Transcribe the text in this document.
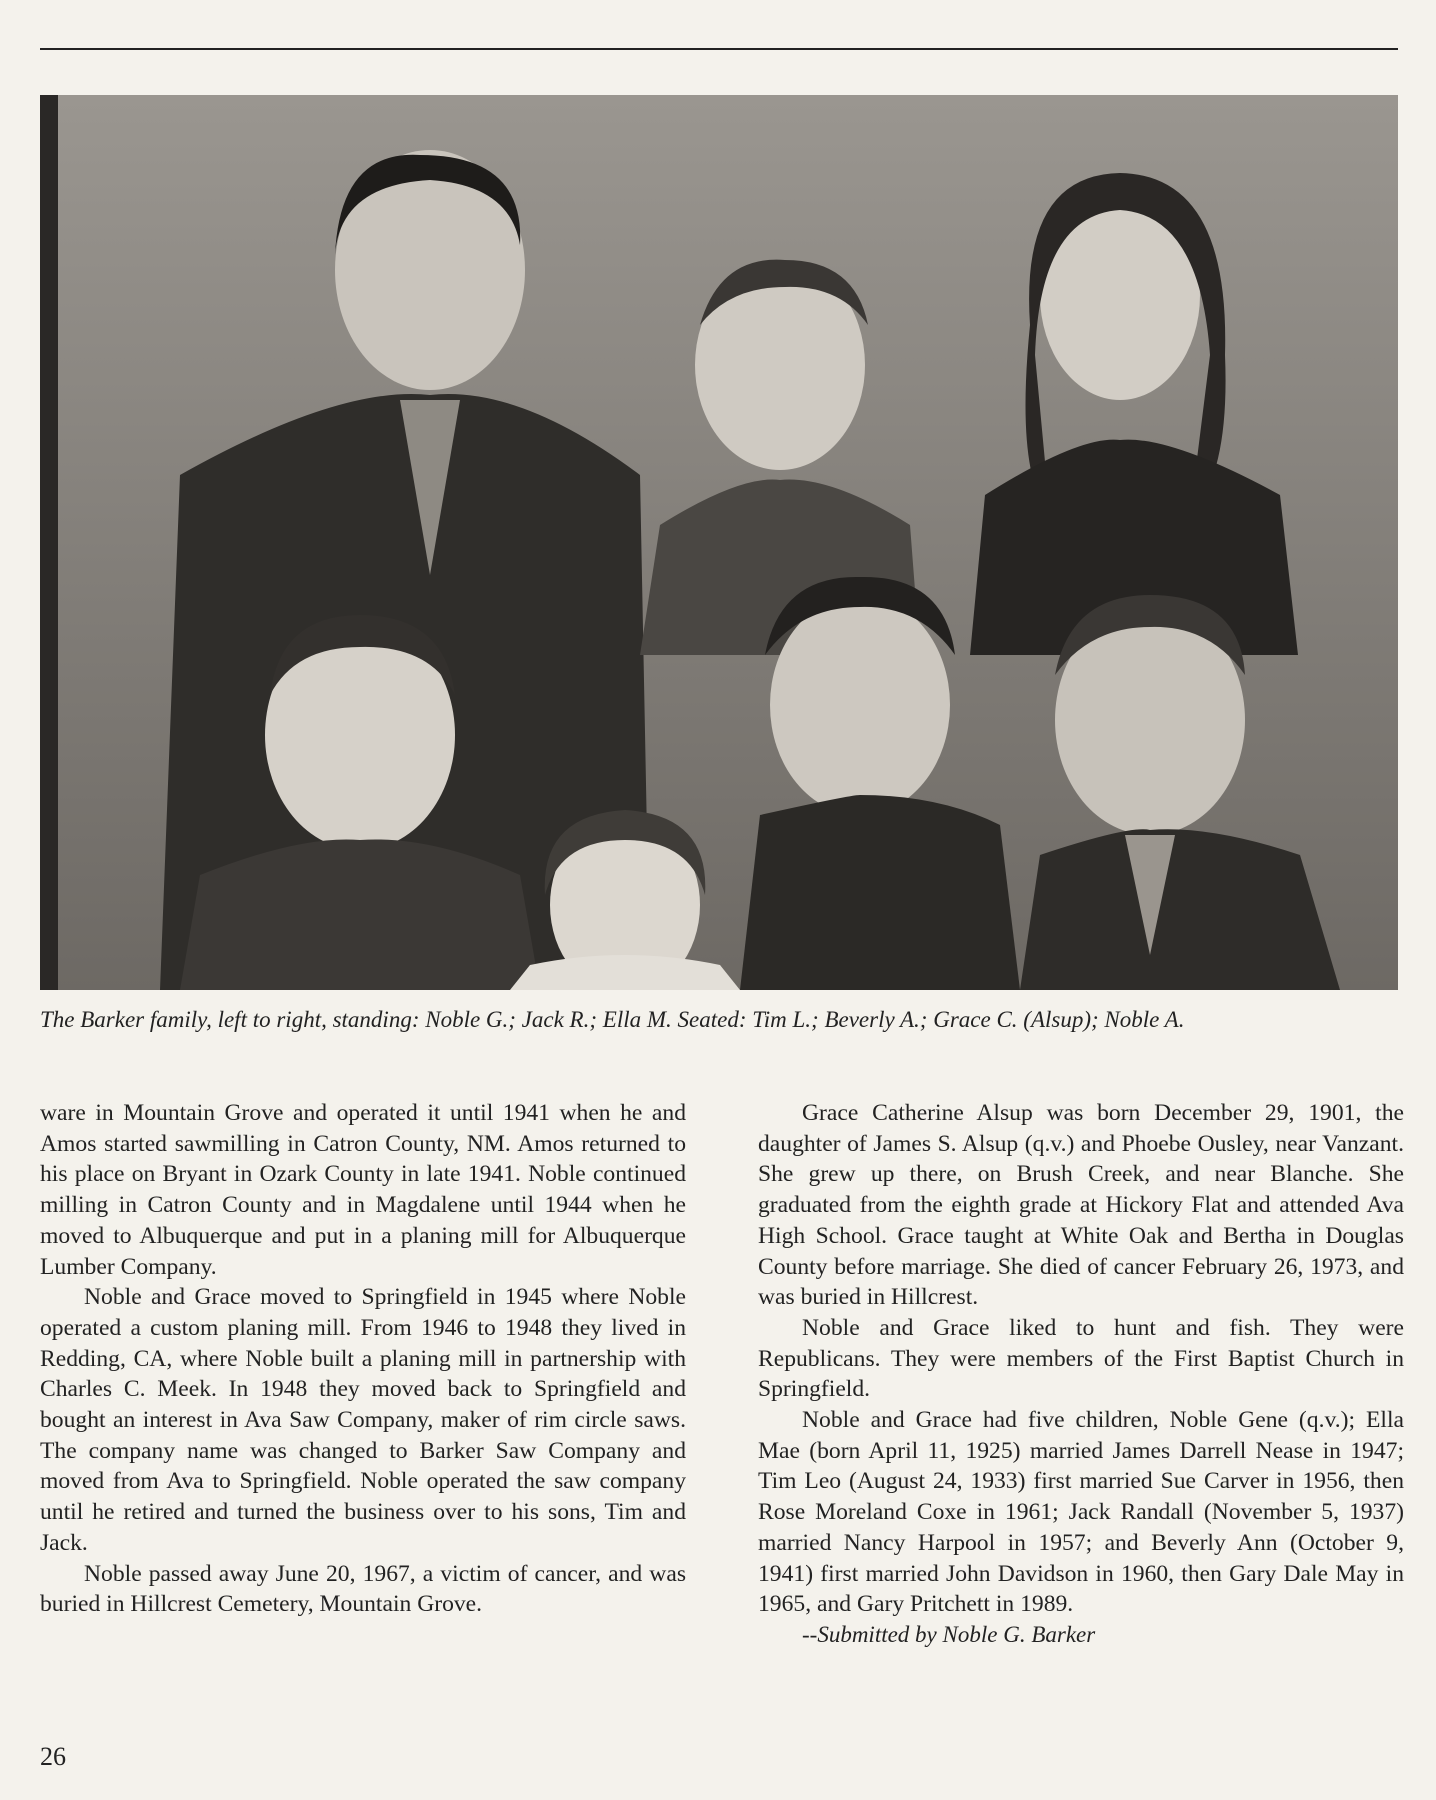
The Barker family, left to right, standing: Noble G.; Jack R.; Ella M. Seated: Tim L.; Beverly A.; Grace C. (Alsup); Noble A.

ware in Mountain Grove and operated it until 1941 when he and Amos started sawmilling in Catron County, NM. Amos returned to his place on Bryant in Ozark County in late 1941. Noble continued milling in Catron County and in Magdalene until 1944 when he moved to Albuquerque and put in a planing mill for Albuquerque Lumber Company.

Noble and Grace moved to Springfield in 1945 where Noble operated a custom planing mill. From 1946 to 1948 they lived in Redding, CA, where Noble built a planing mill in partnership with Charles C. Meek. In 1948 they moved back to Springfield and bought an interest in Ava Saw Company, maker of rim circle saws. The company name was changed to Barker Saw Company and moved from Ava to Springfield. Noble operated the saw company until he retired and turned the business over to his sons, Tim and Jack.

Noble passed away June 20, 1967, a victim of cancer, and was buried in Hillcrest Cemetery, Mountain Grove.

Grace Catherine Alsup was born December 29, 1901, the daughter of James S. Alsup (q.v.) and Phoebe Ousley, near Vanzant. She grew up there, on Brush Creek, and near Blanche. She graduated from the eighth grade at Hickory Flat and attended Ava High School. Grace taught at White Oak and Bertha in Douglas County before marriage. She died of cancer February 26, 1973, and was buried in Hillcrest.

Noble and Grace liked to hunt and fish. They were Republicans. They were members of the First Baptist Church in Springfield.

Noble and Grace had five children, Noble Gene (q.v.); Ella Mae (born April 11, 1925) married James Darrell Nease in 1947; Tim Leo (August 24, 1933) first married Sue Carver in 1956, then Rose Moreland Coxe in 1961; Jack Randall (November 5, 1937) married Nancy Harpool in 1957; and Beverly Ann (October 9, 1941) first married John Davidson in 1960, then Gary Dale May in 1965, and Gary Pritchett in 1989.

--Submitted by Noble G. Barker

26
